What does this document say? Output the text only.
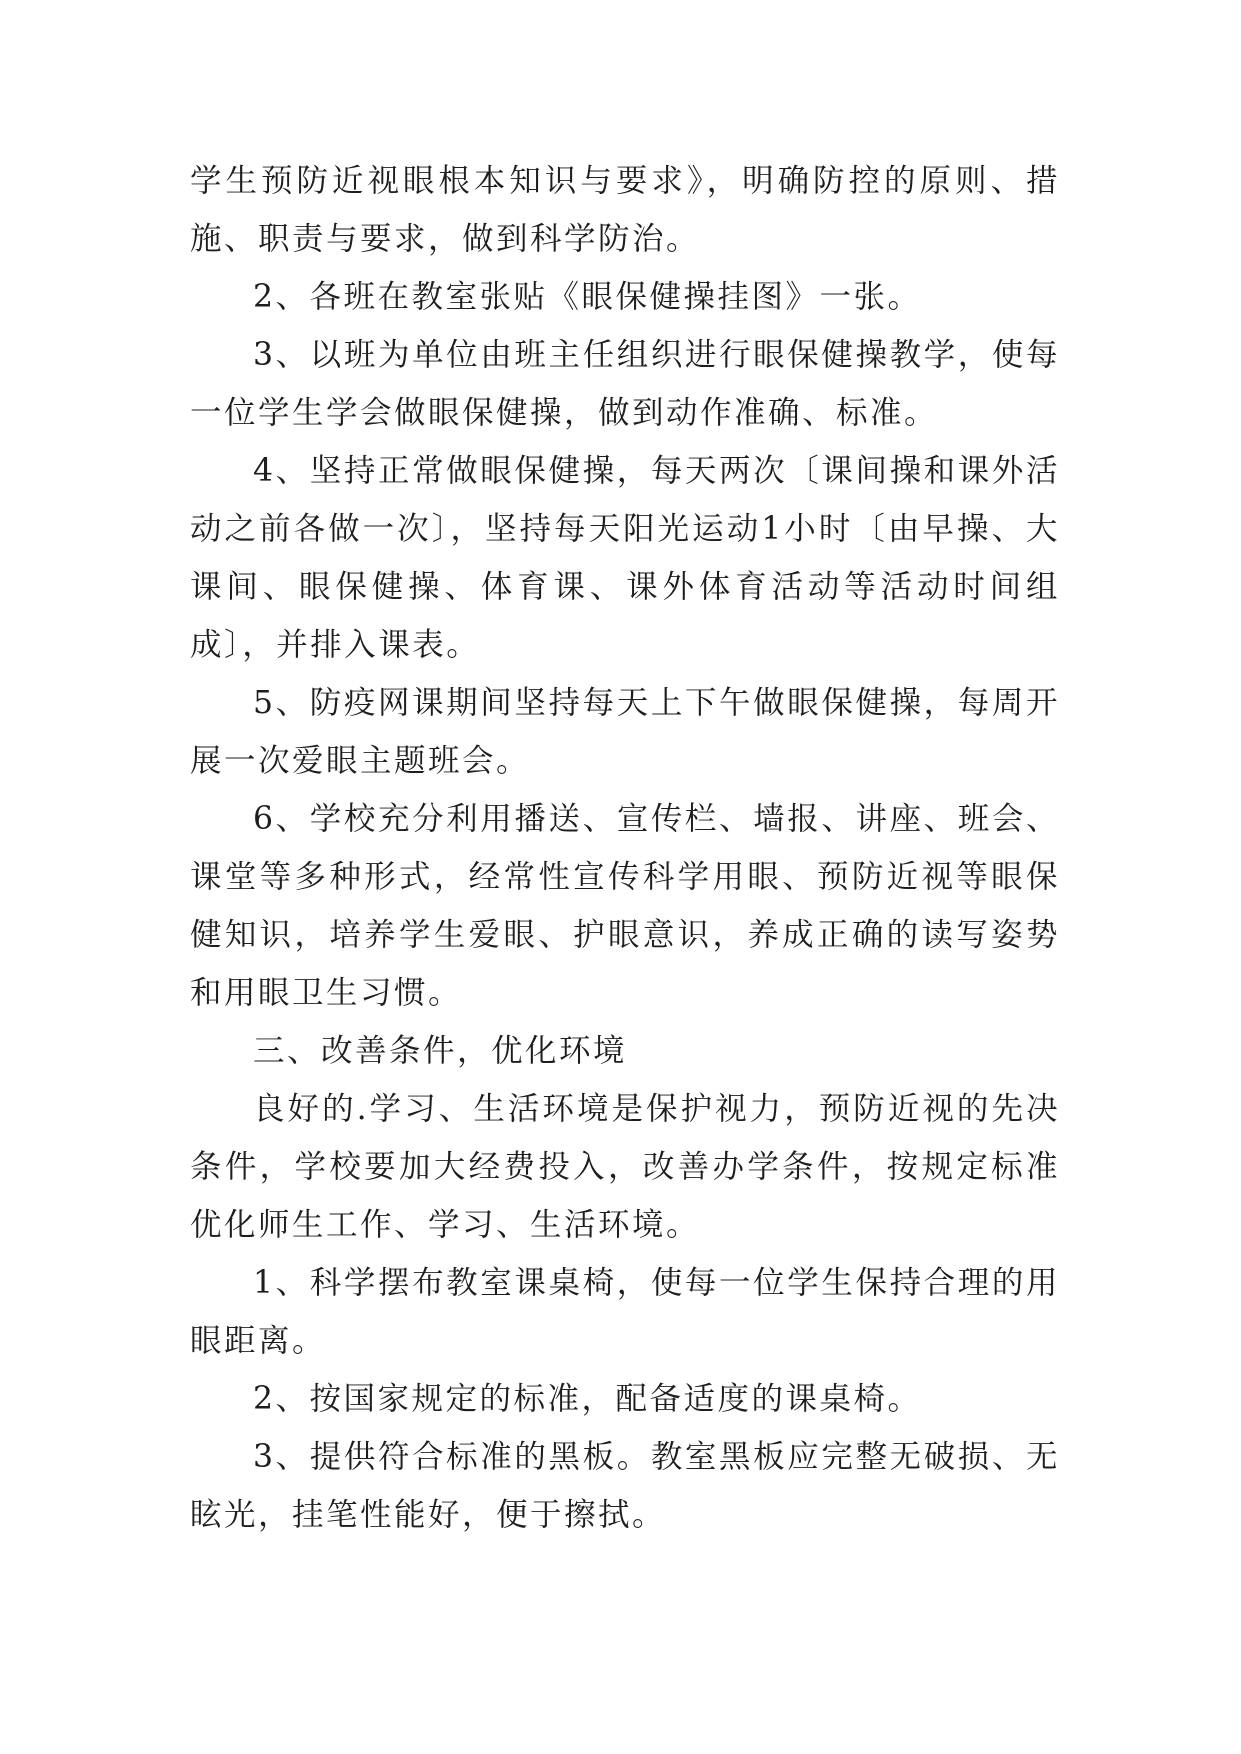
学生预防近视眼根本知识与要求》，明确防控的原则、措施、职责与要求，做到科学防治。

2、各班在教室张贴《眼保健操挂图》一张。

3、以班为单位由班主任组织进行眼保健操教学，使每一位学生学会做眼保健操，做到动作准确、标准。

4、坚持正常做眼保健操，每天两次〔课间操和课外活动之前各做一次〕，坚持每天阳光运动1小时〔由早操、大课间、眼保健操、体育课、课外体育活动等活动时间组成〕，并排入课表。

5、防疫网课期间坚持每天上下午做眼保健操，每周开展一次爱眼主题班会。

6、学校充分利用播送、宣传栏、墙报、讲座、班会、课堂等多种形式，经常性宣传科学用眼、预防近视等眼保健知识，培养学生爱眼、护眼意识，养成正确的读写姿势和用眼卫生习惯。

三、改善条件，优化环境

良好的.学习、生活环境是保护视力，预防近视的先决条件，学校要加大经费投入，改善办学条件，按规定标准优化师生工作、学习、生活环境。

1、科学摆布教室课桌椅，使每一位学生保持合理的用眼距离。

2、按国家规定的标准，配备适度的课桌椅。

3、提供符合标准的黑板。教室黑板应完整无破损、无眩光，挂笔性能好，便于擦拭。
